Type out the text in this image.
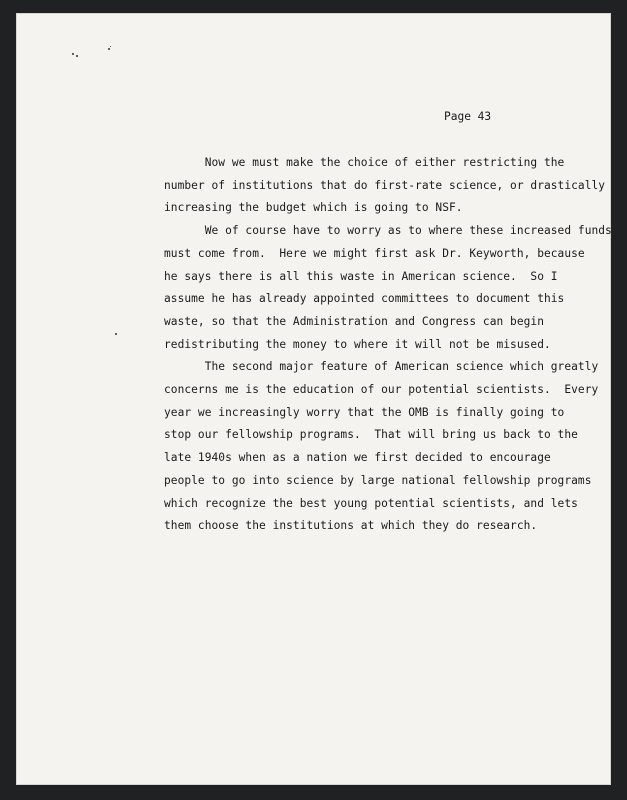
Page 43
Now we must make the choice of either restricting the
number of institutions that do first-rate science, or drastically
increasing the budget which is going to NSF.
We of course have to worry as to where these increased funds
must come from.  Here we might first ask Dr. Keyworth, because
he says there is all this waste in American science.  So I
assume he has already appointed committees to document this
waste, so that the Administration and Congress can begin
redistributing the money to where it will not be misused.
The second major feature of American science which greatly
concerns me is the education of our potential scientists.  Every
year we increasingly worry that the OMB is finally going to
stop our fellowship programs.  That will bring us back to the
late 1940s when as a nation we first decided to encourage
people to go into science by large national fellowship programs
which recognize the best young potential scientists, and lets
them choose the institutions at which they do research.
